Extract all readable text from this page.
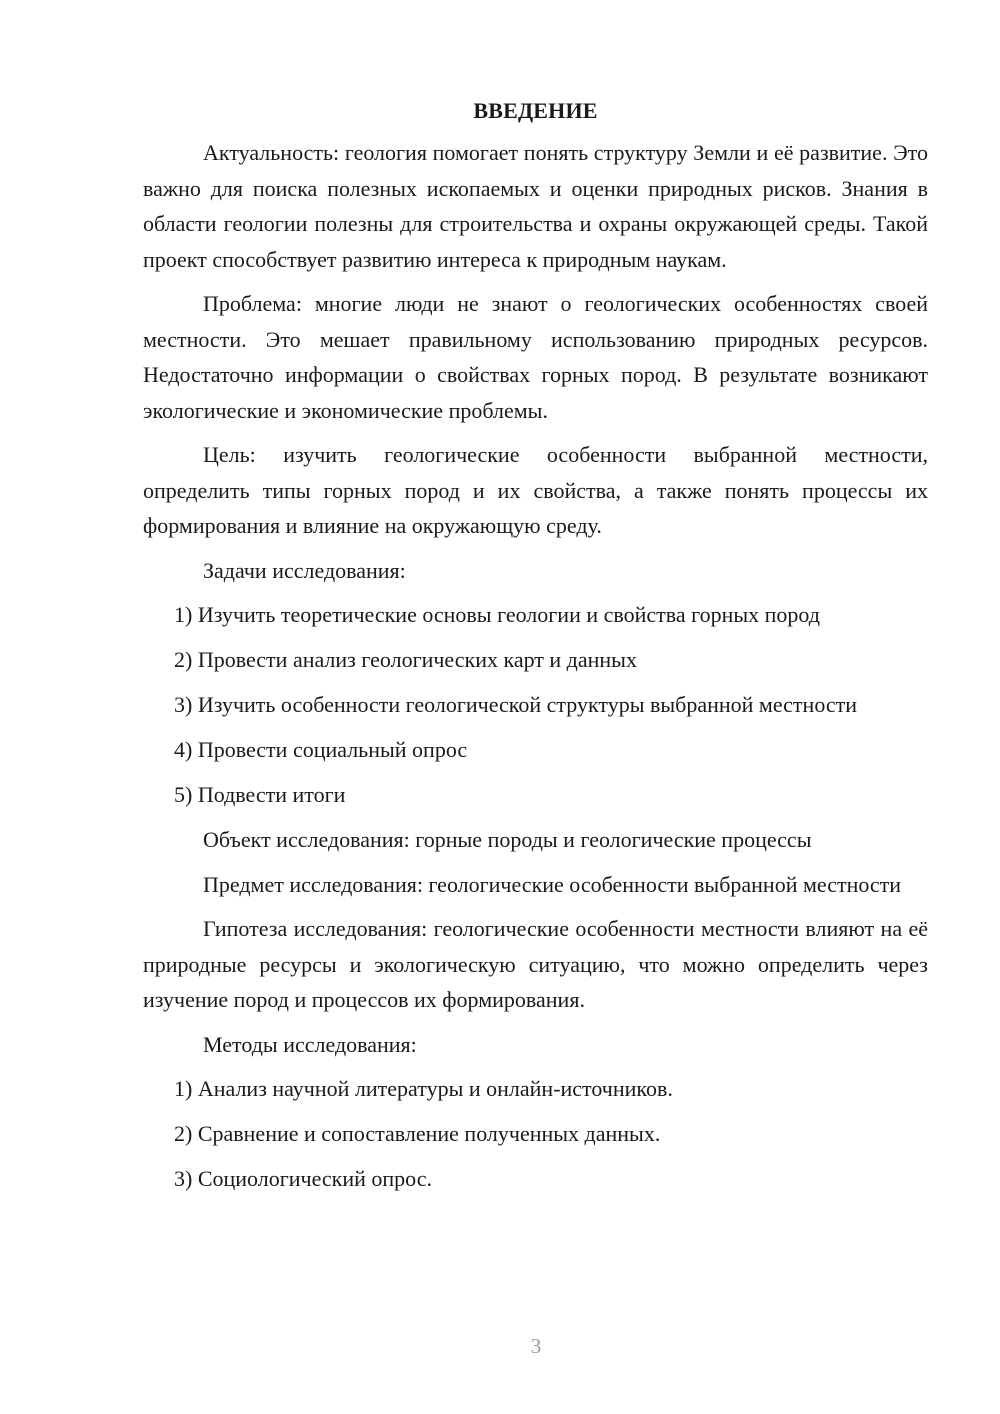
ВВЕДЕНИЕ

Актуальность: геология помогает понять структуру Земли и её развитие. Это важно для поиска полезных ископаемых и оценки природных рисков. Знания в области геологии полезны для строительства и охраны окружающей среды. Такой проект способствует развитию интереса к природным наукам.

Проблема: многие люди не знают о геологических особенностях своей местности. Это мешает правильному использованию природных ресурсов. Недостаточно информации о свойствах горных пород. В результате возникают экологические и экономические проблемы.

Цель: изучить геологические особенности выбранной местности, определить типы горных пород и их свойства, а также понять процессы их формирования и влияние на окружающую среду.

Задачи исследования:

1) Изучить теоретические основы геологии и свойства горных пород

2) Провести анализ геологических карт и данных

3) Изучить особенности геологической структуры выбранной местности

4) Провести социальный опрос

5) Подвести итоги

Объект исследования: горные породы и геологические процессы

Предмет исследования: геологические особенности выбранной местности

Гипотеза исследования: геологические особенности местности влияют на её природные ресурсы и экологическую ситуацию, что можно определить через изучение пород и процессов их формирования.

Методы исследования:

1) Анализ научной литературы и онлайн-источников.

2) Сравнение и сопоставление полученных данных.

3) Социологический опрос.

3
